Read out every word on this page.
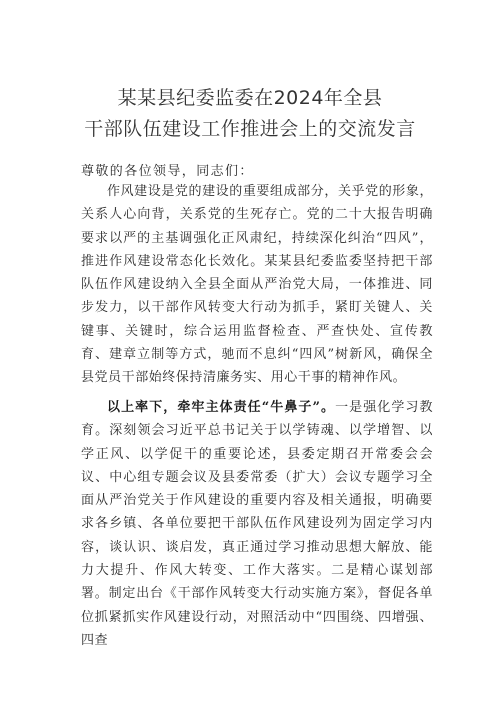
某某县纪委监委在2024年全县
干部队伍建设工作推进会上的交流发言

尊敬的各位领导，同志们：

作风建设是党的建设的重要组成部分，关乎党的形象，关系人心向背，关系党的生死存亡。党的二十大报告明确要求以严的主基调强化正风肃纪，持续深化纠治“四风”，推进作风建设常态化长效化。某某县纪委监委坚持把干部队伍作风建设纳入全县全面从严治党大局，一体推进、同步发力，以干部作风转变大行动为抓手，紧盯关键人、关键事、关键时，综合运用监督检查、严查快处、宣传教育、建章立制等方式，驰而不息纠“四风”树新风，确保全县党员干部始终保持清廉务实、用心干事的精神作风。

以上率下，牵牢主体责任“牛鼻子”。一是强化学习教育。深刻领会习近平总书记关于以学铸魂、以学增智、以学正风、以学促干的重要论述，县委定期召开常委会会议、中心组专题会议及县委常委（扩大）会议专题学习全面从严治党关于作风建设的重要内容及相关通报，明确要求各乡镇、各单位要把干部队伍作风建设列为固定学习内容，谈认识、谈启发，真正通过学习推动思想大解放、能力大提升、作风大转变、工作大落实。二是精心谋划部署。制定出台《干部作风转变大行动实施方案》，督促各单位抓紧抓实作风建设行动，对照活动中“四围绕、四增强、四查
